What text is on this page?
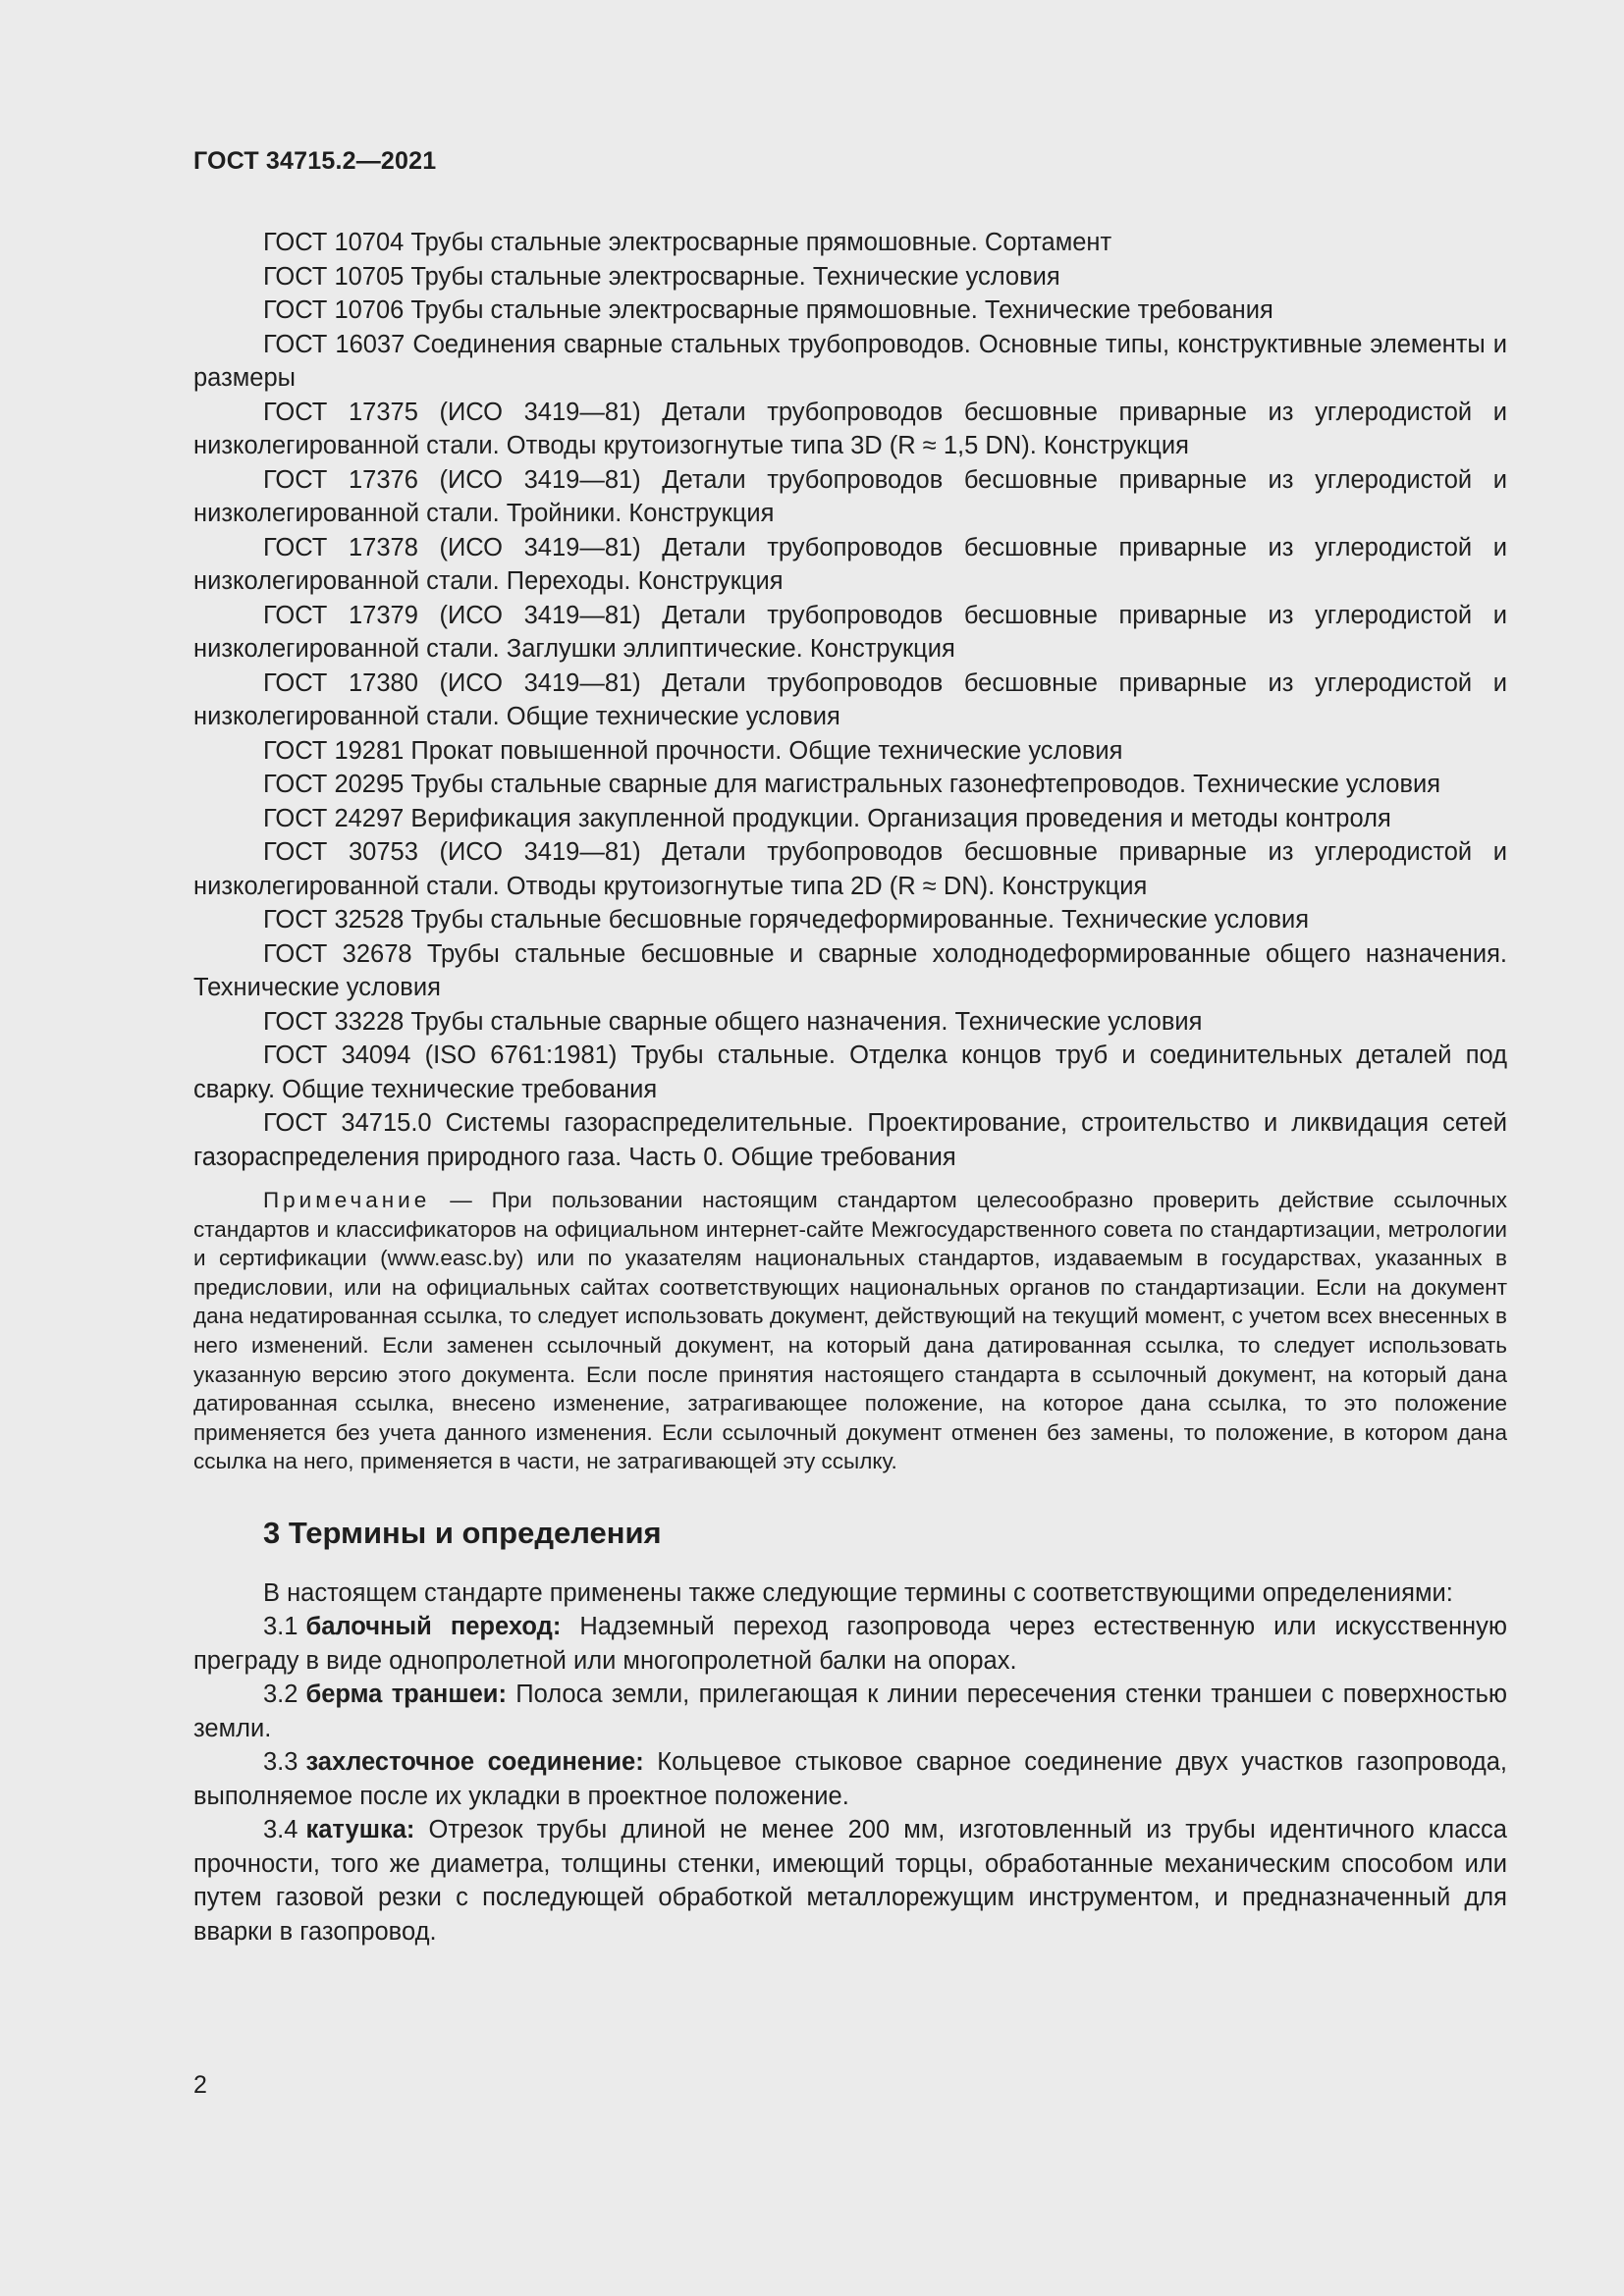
ГОСТ 34715.2—2021

ГОСТ 10704 Трубы стальные электросварные прямошовные. Сортамент

ГОСТ 10705 Трубы стальные электросварные. Технические условия

ГОСТ 10706 Трубы стальные электросварные прямошовные. Технические требования

ГОСТ 16037 Соединения сварные стальных трубопроводов. Основные типы, конструктивные элементы и размеры

ГОСТ 17375 (ИСО 3419—81) Детали трубопроводов бесшовные приварные из углеродистой и низколегированной стали. Отводы крутоизогнутые типа 3D (R ≈ 1,5 DN). Конструкция

ГОСТ 17376 (ИСО 3419—81) Детали трубопроводов бесшовные приварные из углеродистой и низколегированной стали. Тройники. Конструкция

ГОСТ 17378 (ИСО 3419—81) Детали трубопроводов бесшовные приварные из углеродистой и низколегированной стали. Переходы. Конструкция

ГОСТ 17379 (ИСО 3419—81) Детали трубопроводов бесшовные приварные из углеродистой и низколегированной стали. Заглушки эллиптические. Конструкция

ГОСТ 17380 (ИСО 3419—81) Детали трубопроводов бесшовные приварные из углеродистой и низколегированной стали. Общие технические условия

ГОСТ 19281 Прокат повышенной прочности. Общие технические условия

ГОСТ 20295 Трубы стальные сварные для магистральных газонефтепроводов. Технические условия

ГОСТ 24297 Верификация закупленной продукции. Организация проведения и методы контроля

ГОСТ 30753 (ИСО 3419—81) Детали трубопроводов бесшовные приварные из углеродистой и низколегированной стали. Отводы крутоизогнутые типа 2D (R ≈ DN). Конструкция

ГОСТ 32528 Трубы стальные бесшовные горячедеформированные. Технические условия

ГОСТ 32678 Трубы стальные бесшовные и сварные холоднодеформированные общего назначения. Технические условия

ГОСТ 33228 Трубы стальные сварные общего назначения. Технические условия

ГОСТ 34094 (ISO 6761:1981) Трубы стальные. Отделка концов труб и соединительных деталей под сварку. Общие технические требования

ГОСТ 34715.0 Системы газораспределительные. Проектирование, строительство и ликвидация сетей газораспределения природного газа. Часть 0. Общие требования

Примечание — При пользовании настоящим стандартом целесообразно проверить действие ссылочных стандартов и классификаторов на официальном интернет-сайте Межгосударственного совета по стандартизации, метрологии и сертификации (www.easc.by) или по указателям национальных стандартов, издаваемым в государствах, указанных в предисловии, или на официальных сайтах соответствующих национальных органов по стандартизации. Если на документ дана недатированная ссылка, то следует использовать документ, действующий на текущий момент, с учетом всех внесенных в него изменений. Если заменен ссылочный документ, на который дана датированная ссылка, то следует использовать указанную версию этого документа. Если после принятия настоящего стандарта в ссылочный документ, на который дана датированная ссылка, внесено изменение, затрагивающее положение, на которое дана ссылка, то это положение применяется без учета данного изменения. Если ссылочный документ отменен без замены, то положение, в котором дана ссылка на него, применяется в части, не затрагивающей эту ссылку.

3 Термины и определения

В настоящем стандарте применены также следующие термины с соответствующими определениями:

3.1 балочный переход: Надземный переход газопровода через естественную или искусственную преграду в виде однопролетной или многопролетной балки на опорах.

3.2 берма траншеи: Полоса земли, прилегающая к линии пересечения стенки траншеи с поверхностью земли.

3.3 захлесточное соединение: Кольцевое стыковое сварное соединение двух участков газопровода, выполняемое после их укладки в проектное положение.

3.4 катушка: Отрезок трубы длиной не менее 200 мм, изготовленный из трубы идентичного класса прочности, того же диаметра, толщины стенки, имеющий торцы, обработанные механическим способом или путем газовой резки с последующей обработкой металлорежущим инструментом, и предназначенный для вварки в газопровод.

2
